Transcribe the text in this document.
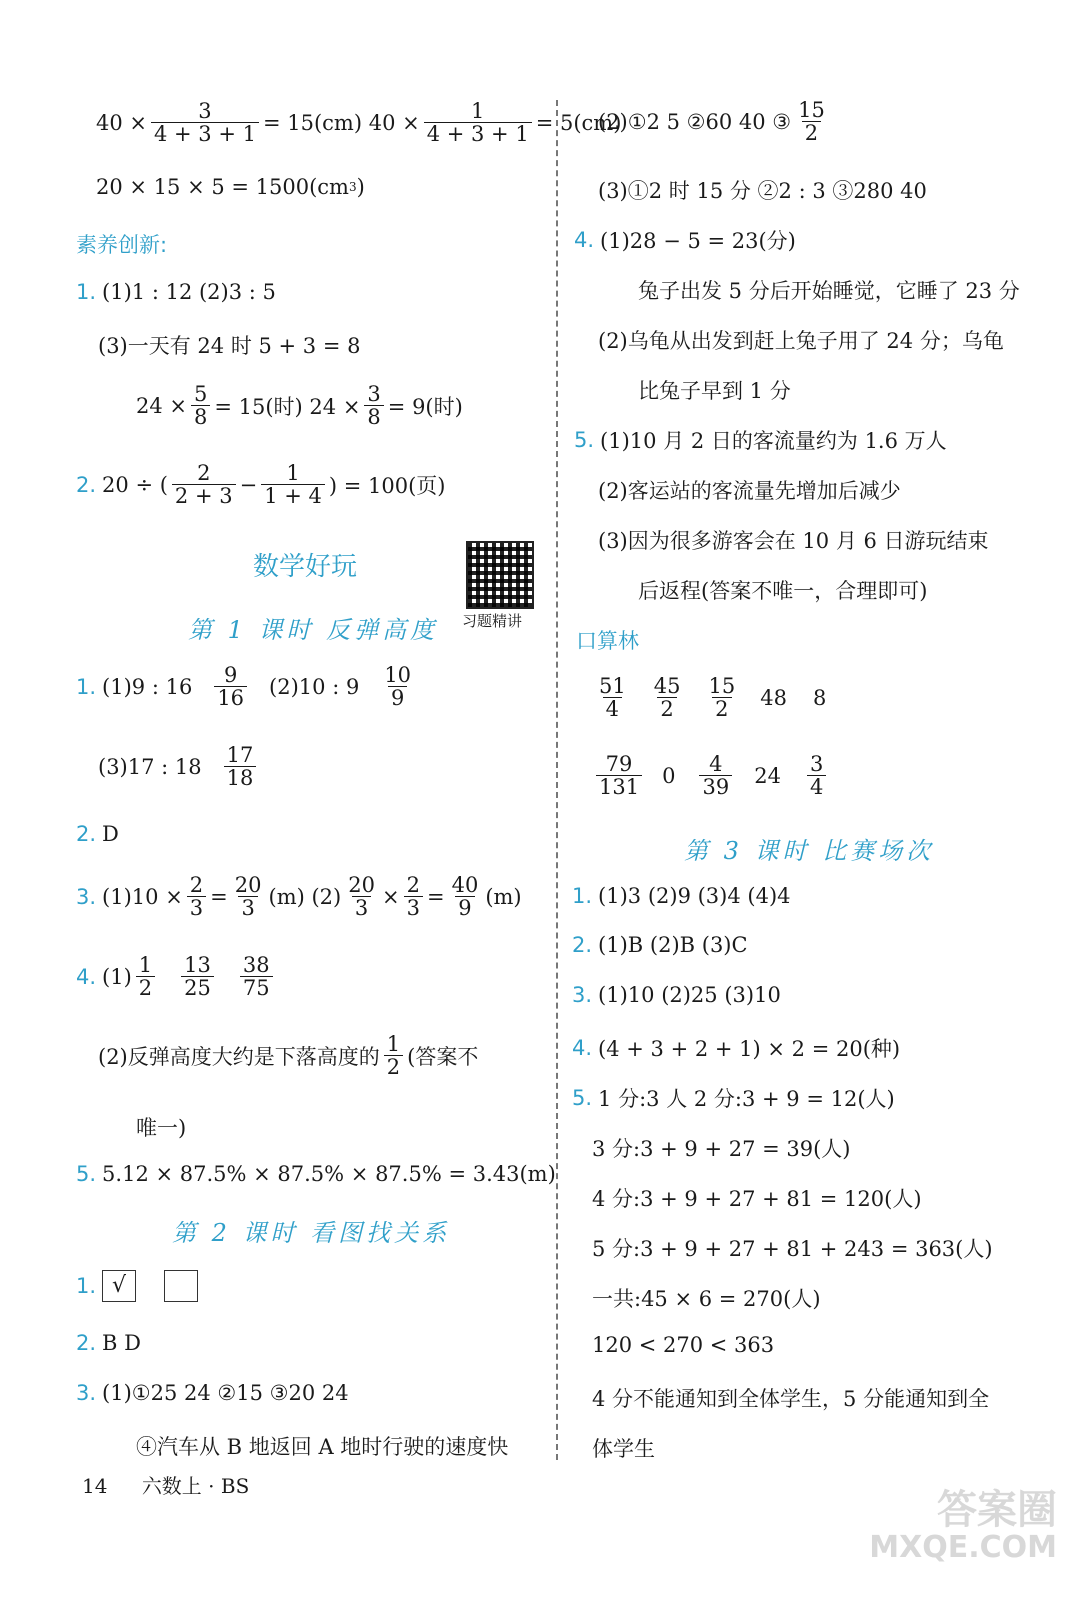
$40 \times \frac{3}{4 + 3 + 1} = 15(cm) 40 \times \frac{1}{4 + 3 + 1} = 5(cm)$
20 × 15 × 5 = 1500(cm 3 )
素养创新:
1. (1)1 : 12 (2)3 : 5
(3)一天有 24 时 5 + 3 = 8
$24 \times \frac{5}{8} = 15$(时) $24 \times \frac{3}{8} = 9$(时)
2. 20 ÷ ( $\frac{2}{2 + 3} - \frac{1}{1 + 4}$ ) = 100(页)
数学好玩
习题精讲
第 1 课时 反弹高度
1. (1)9 : $16 \frac{9}{16} (2)10$ : $9 \frac{10}{9}$
(3)17 : $18 \frac{17}{18}$
2. D
3. $(1)10 \times \frac{2}{3} = \frac{20}{3} (m)$ $(2) \frac{20}{3} \times \frac{2}{3} = \frac{40}{9} (m)$
4. $(1) \frac{1}{2} \frac{13}{25} \frac{38}{75}$
(2)反弹高度大约是下落高度的 $\frac{1}{2}$ (答案不
唯一)
5. 5.12 × 87.5% × 87.5% × 87.5% = 3.43(m)
第 2 课时 看图找关系
1. √
2. B D
3. (1)①25 24 ②15 ③20 24
④汽车从 B 地返回 A 地时行驶的速度快
(2)①2 5 ②60 40 ③ $\frac{15}{2}$
(3)①2 时 15 分 ②2 : 3 ③280 40
4. (1)28 − 5 = 23(分)
兔子出发 5 分后开始睡觉，它睡了 23 分
(2)乌龟从出发到赶上兔子用了 24 分；乌龟
比兔子早到 1 分
5. (1)10 月 2 日的客流量约为 1.6 万人
(2)客运站的客流量先增加后减少
(3)因为很多游客会在 10 月 6 日游玩结束
后返程(答案不唯一，合理即可)
口算林
$\frac{51}{4} \frac{45}{2} \frac{15}{2} 48$ 8
$\frac{79}{131} 0 \frac{4}{39} 24 \frac{3}{4}$
第 3 课时 比赛场次
1. (1)3 (2)9 (3)4 (4)4
2. (1)B (2)B (3)C
3. (1)10 (2)25 (3)10
4. (4 + 3 + 2 + 1) × 2 = 20(种)
5. 1 分:3 人 2 分:3 + 9 = 12(人)
3 分:3 + 9 + 27 = 39(人)
4 分:3 + 9 + 27 + 81 = 120(人)
5 分:3 + 9 + 27 + 81 + 243 = 363(人)
一共:45 × 6 = 270(人)
120 < 270 < 363
4 分不能通知到全体学生，5 分能通知到全
体学生
14 六数上 · BS
答案圈
MXQE.COM
